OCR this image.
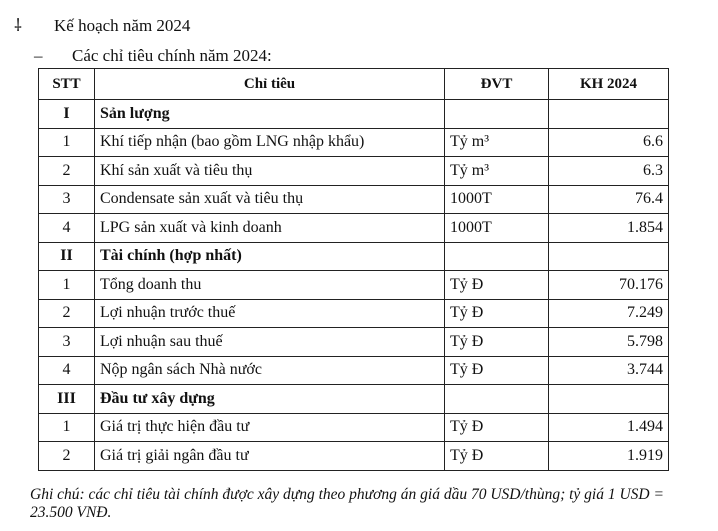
⸸ Kế hoạch năm 2024
– Các chỉ tiêu chính năm 2024:
STT	Chỉ tiêu	ĐVT	KH 2024
I	Sản lượng		
1	Khí tiếp nhận (bao gồm LNG nhập khẩu)	Tỷ m³	6.6
2	Khí sản xuất và tiêu thụ	Tỷ m³	6.3
3	Condensate sản xuất và tiêu thụ	1000T	76.4
4	LPG sản xuất và kinh doanh	1000T	1.854
II	Tài chính (hợp nhất)		
1	Tổng doanh thu	Tỷ Đ	70.176
2	Lợi nhuận trước thuế	Tỷ Đ	7.249
3	Lợi nhuận sau thuế	Tỷ Đ	5.798
4	Nộp ngân sách Nhà nước	Tỷ Đ	3.744
III	Đầu tư xây dựng		
1	Giá trị thực hiện đầu tư	Tỷ Đ	1.494
2	Giá trị giải ngân đầu tư	Tỷ Đ	1.919
Ghi chú: các chỉ tiêu tài chính được xây dựng theo phương án giá dầu 70 USD/thùng; tỷ giá 1 USD = 23.500 VNĐ.
